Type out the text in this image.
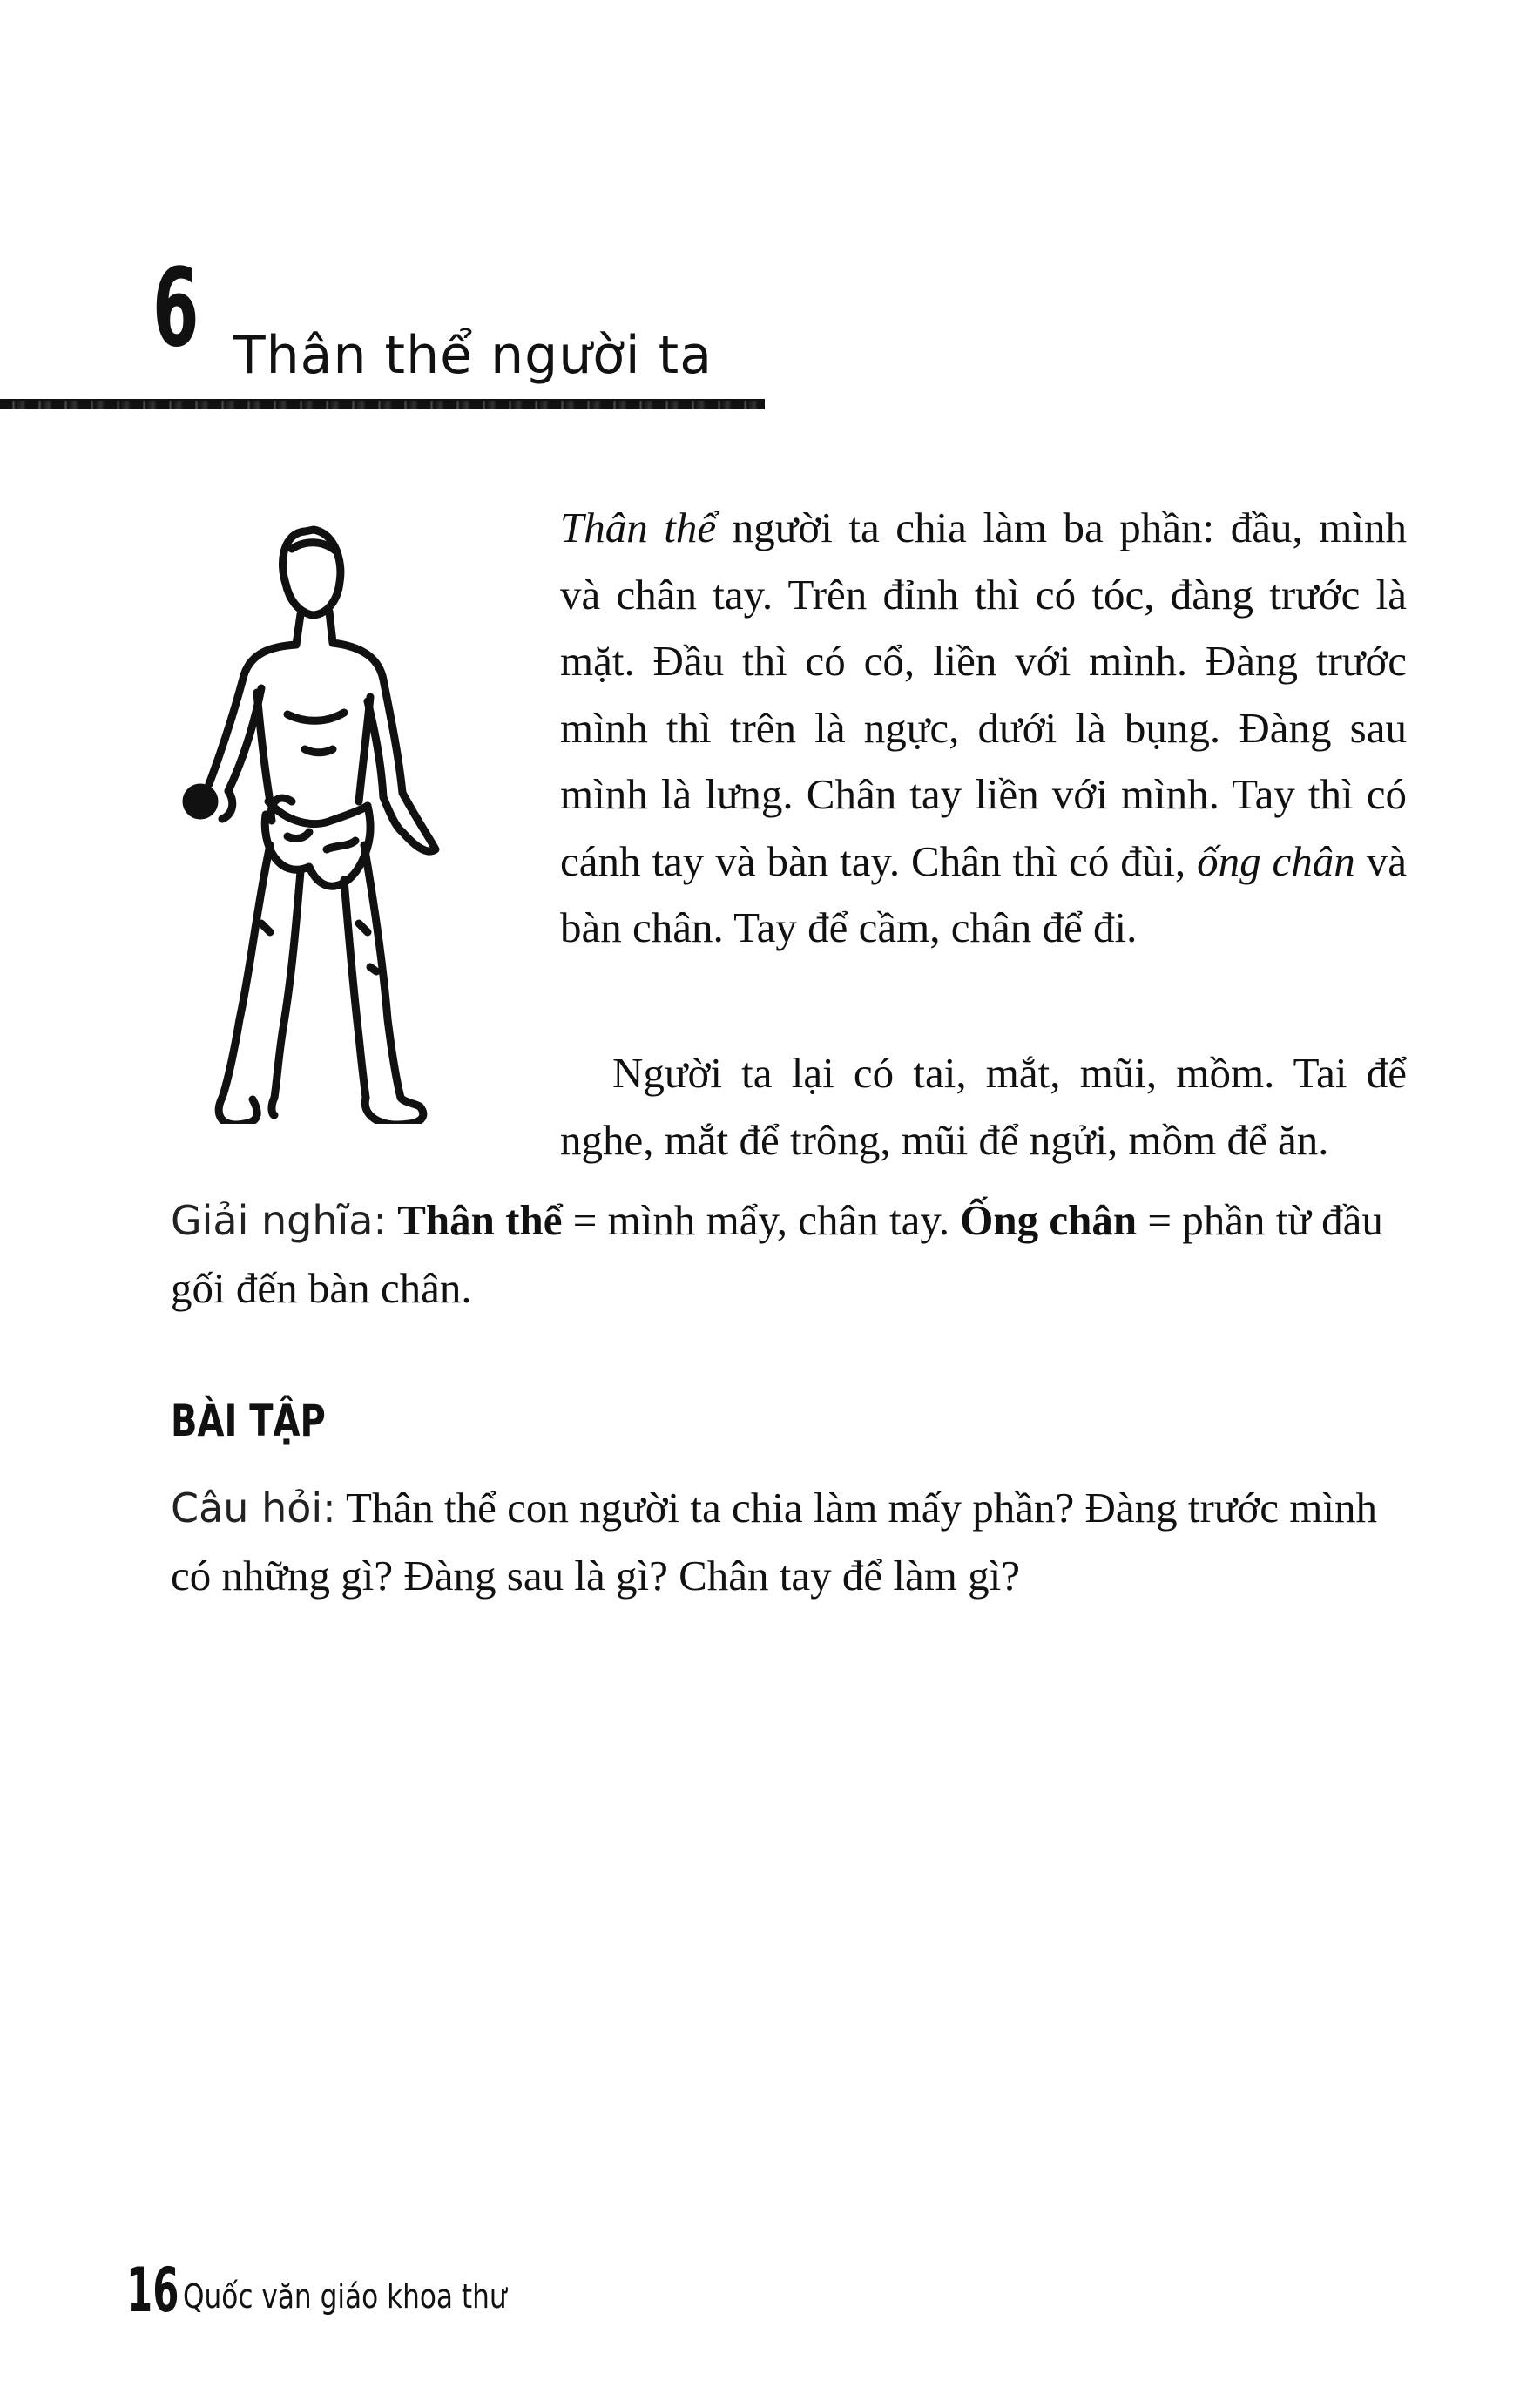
6 Thân thể người ta

Thân thể người ta chia làm ba phần: đầu, mình và chân tay. Trên đỉnh thì có tóc, đàng trước là mặt. Đầu thì có cổ, liền với mình. Đàng trước mình thì trên là ngực, dưới là bụng. Đàng sau mình là lưng. Chân tay liền với mình. Tay thì có cánh tay và bàn tay. Chân thì có đùi, ống chân và bàn chân. Tay để cầm, chân để đi.

Người ta lại có tai, mắt, mũi, mồm. Tai để nghe, mắt để trông, mũi để ngửi, mồm để ăn.

Giải nghĩa: Thân thể = mình mẩy, chân tay. Ống chân = phần từ đầu gối đến bàn chân.
BÀI TẬP
Câu hỏi: Thân thể con người ta chia làm mấy phần? Đàng trước mình có những gì? Đàng sau là gì? Chân tay để làm gì?
16 Quốc văn giáo khoa thư
